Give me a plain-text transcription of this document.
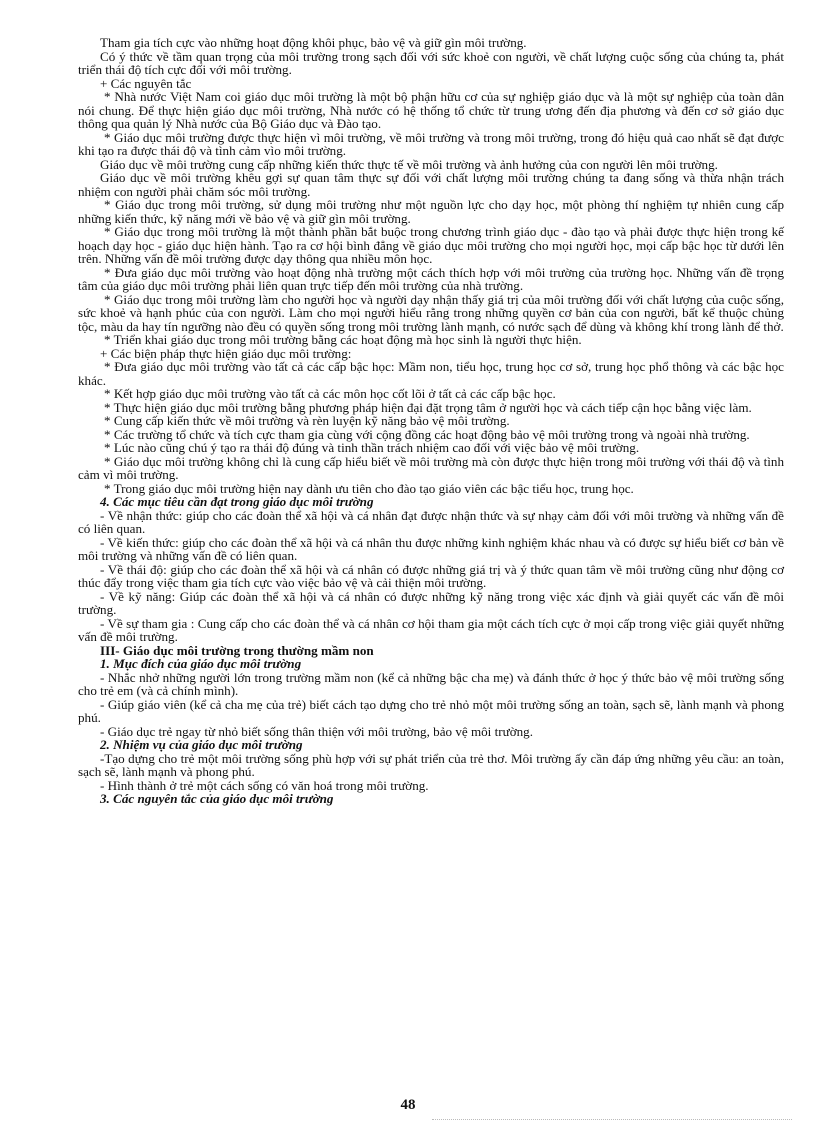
Tham gia tích cực vào những hoạt động khôi phục, bảo vệ và giữ gìn môi trường.

Có ý thức về tầm quan trọng của môi trường trong sạch đối với sức khoẻ con người, về chất lượng cuộc sống của chúng ta, phát triển thái độ tích cực đối với môi trường.

+ Các nguyên tắc

* Nhà nước Việt Nam coi giáo dục môi trường là một bộ phận hữu cơ của sự nghiệp giáo dục và là một sự nghiệp của toàn dân nói chung. Để thực hiện giáo dục môi trường, Nhà nước có hệ thống tổ chức từ trung ương đến địa phương và đến cơ sở giáo dục thông qua quản lý Nhà nước của Bộ Giáo dục và Đào tạo.

* Giáo dục môi trường được thực hiện vì môi trường, về môi trường và trong môi trường, trong đó hiệu quả cao nhất sẽ đạt được khi tạo ra được thái độ và tình cảm vìo môi trường.

Giáo dục về môi trường cung cấp những kiến thức thực tế về môi trường và ảnh hưởng của con người lên môi trường.

Giáo dục về môi trường khêu gợi sự quan tâm thực sự đối với chất lượng môi trường chúng ta đang sống và thừa nhận trách nhiệm con người phải chăm sóc môi trường.

* Giáo dục trong môi trường, sử dụng môi trường như một nguồn lực cho dạy học, một phòng thí nghiệm tự nhiên cung cấp những kiến thức, kỹ năng mới về bảo vệ và giữ gìn môi trường.

* Giáo dục trong môi trường là một thành phần bắt buộc trong chương trình giáo dục - đào tạo và phải được thực hiện trong kế hoạch dạy học - giáo dục hiện hành. Tạo ra cơ hội bình đẳng về giáo dục môi trường cho mọi người học, mọi cấp bậc học từ dưới lên trên. Những vấn đề môi trường được dạy thông qua nhiều môn học.

* Đưa giáo dục môi trường vào hoạt động nhà trường một cách thích hợp với môi trường của trường học. Những vấn đề trọng tâm của giáo dục môi trường phải liên quan trực tiếp đến môi trường của nhà trường.

* Giáo dục trong môi trường làm cho người học và người dạy nhận thấy giá trị của môi trường đối với chất lượng của cuộc sống, sức khoẻ và hạnh phúc của con người. Làm cho mọi người hiểu rằng trong những quyền cơ bản của con người, bất kể thuộc chủng tộc, màu da hay tín ngưỡng nào đều có quyền sống trong môi trường lành mạnh, có nước sạch để dùng và không khí trong lành để thở.

* Triển khai giáo dục trong môi trường bằng các hoạt động mà học sinh là người thực hiện.

+ Các biện pháp thực hiện giáo dục môi trường:

* Đưa giáo dục môi trường vào tất cả các cấp bậc học: Mầm non, tiểu học, trung học cơ sở, trung học phổ thông và các bậc học khác.

* Kết hợp giáo dục môi trường vào tất cả các môn học cốt lõi ở tất cả các cấp bậc học.

* Thực hiện giáo dục môi trường bằng phương pháp hiện đại đặt trọng tâm ở người học và cách tiếp cận học bằng việc làm.

* Cung cấp kiến thức về môi trường và rèn luyện kỹ năng bảo vệ môi trường.

* Các trường tổ chức và tích cực tham gia cùng với cộng đồng các hoạt động bảo vệ môi trường trong và ngoài nhà trường.

* Lúc nào cũng chú ý tạo ra thái độ đúng và tinh thần trách nhiệm cao đối với việc bảo vệ môi trường.

* Giáo dục môi trường không chỉ là cung cấp hiểu biết về môi trường mà còn được thực hiện trong môi trường với thái độ và tình cảm vì môi trường.

* Trong giáo dục môi trường hiện nay dành ưu tiên cho đào tạo giáo viên các bậc tiểu học, trung học.

4. Các mục tiêu cần đạt trong giáo dục môi trường

- Về nhận thức: giúp cho các đoàn thể xã hội và cá nhân đạt được nhận thức và sự nhạy cảm đối với môi trường và những vấn đề có liên quan.

- Về kiến thức: giúp cho các đoàn thể xã hội và cá nhân thu được những kinh nghiệm khác nhau và có được sự hiểu biết cơ bản về môi trường và những vấn đề có liên quan.

- Về thái độ: giúp cho các đoàn thể xã hội và cá nhân có được những giá trị và ý thức quan tâm về môi trường cũng như động cơ thúc đẩy trong việc tham gia tích cực vào việc bảo vệ và cải thiện môi trường.

- Về kỹ năng: Giúp các đoàn thể xã hội và cá nhân có được những kỹ năng trong việc xác định và giải quyết các vấn đề môi trường.

- Về sự tham gia : Cung cấp cho các đoàn thể và cá nhân cơ hội tham gia một cách tích cực ở mọi cấp trong việc giải quyết những vấn đề môi trường.

III- Giáo dục môi trường trong thường mầm non

1. Mục đích của giáo dục môi trường

- Nhắc nhở những người lớn trong trường mầm non (kể cả những bậc cha mẹ) và đánh thức ở học ý thức bảo vệ môi trường sống cho trẻ em (và cả chính mình).

- Giúp giáo viên (kể cả cha mẹ của trẻ) biết cách tạo dựng cho trẻ nhỏ một môi trường sống an toàn, sạch sẽ, lành mạnh và phong phú.

- Giáo dục trẻ ngay từ nhỏ biết sống thân thiện với môi trường, bảo vệ môi trường.

2. Nhiệm vụ của giáo dục môi trường

-Tạo dựng cho trẻ một môi trường sống phù hợp với sự phát triển của trẻ thơ. Môi trường ấy cần đáp ứng những yêu cầu: an toàn, sạch sẽ, lành mạnh và phong phú.

- Hình thành ở trẻ một cách sống có văn hoá trong môi trường.

3. Các nguyên tắc của giáo dục môi trường

48
